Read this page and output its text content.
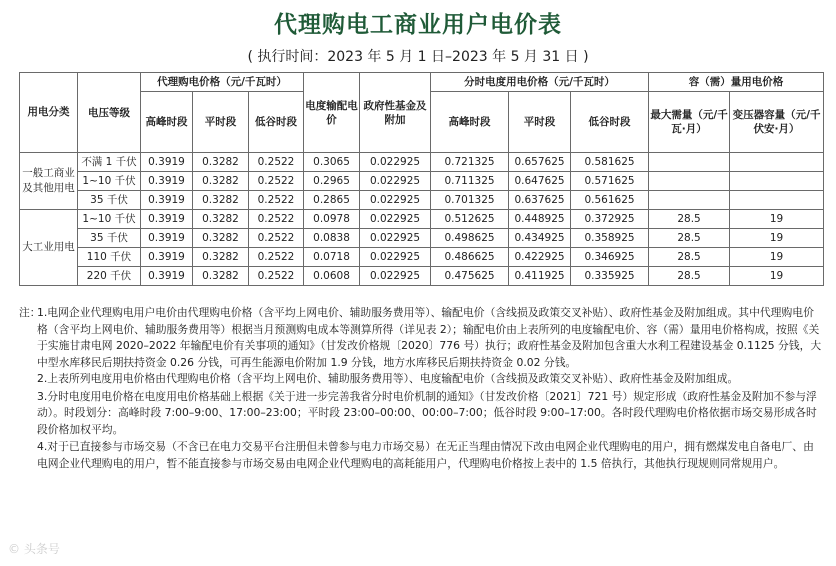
代理购电工商业用户电价表
( 执行时间：2023 年 5 月 1 日–2023 年 5 月 31 日 )
用电分类	电压等级	代理购电价格（元/千瓦时）			电度输配电价	政府性基金及附加	分时电度用电价格（元/千瓦时）			容（需）量用电价格	
		高峰时段	平时段	低谷时段			高峰时段	平时段	低谷时段	最大需量（元/千瓦·月）	变压器容量（元/千伏安·月）
一般工商业及其他用电	不满 1 千伏	0.3919	0.3282	0.2522	0.3065	0.022925	0.721325	0.657625	0.581625		
	1~10 千伏	0.3919	0.3282	0.2522	0.2965	0.022925	0.711325	0.647625	0.571625		
	35 千伏	0.3919	0.3282	0.2522	0.2865	0.022925	0.701325	0.637625	0.561625		
大工业用电	1~10 千伏	0.3919	0.3282	0.2522	0.0978	0.022925	0.512625	0.448925	0.372925	28.5	19
	35 千伏	0.3919	0.3282	0.2522	0.0838	0.022925	0.498625	0.434925	0.358925	28.5	19
	110 千伏	0.3919	0.3282	0.2522	0.0718	0.022925	0.486625	0.422925	0.346925	28.5	19
	220 千伏	0.3919	0.3282	0.2522	0.0608	0.022925	0.475625	0.411925	0.335925	28.5	19
注：
1.电网企业代理购电用户电价由代理购电价格（含平均上网电价、辅助服务费用等）、输配电价（含线损及政策交叉补贴）、政府性基金及附加组成。其中代理购电价格（含平均上网电价、辅助服务费用等）根据当月预测购电成本等测算所得（详见表 2）；输配电价由上表所列的电度输配电价、容（需）量用电价格构成，按照《关于实施甘肃电网 2020–2022 年输配电价有关事项的通知》（甘发改价格规〔2020〕776 号）执行；政府性基金及附加包含重大水利工程建设基金 0.1125 分钱，大中型水库移民后期扶持资金 0.26 分钱，可再生能源电价附加 1.9 分钱，地方水库移民后期扶持资金 0.02 分钱。

2.上表所列电度用电价格由代理购电价格（含平均上网电价、辅助服务费用等）、电度输配电价（含线损及政策交叉补贴）、政府性基金及附加组成。

3.分时电度用电价格在电度用电价格基础上根据《关于进一步完善我省分时电价机制的通知》（甘发改价格〔2021〕721 号）规定形成（政府性基金及附加不参与浮动）。时段划分：高峰时段 7:00–9:00、17:00–23:00；平时段 23:00–00:00、00:00–7:00；低谷时段 9:00–17:00。各时段代理购电价格依据市场交易形成各时段价格加权平均。

4.对于已直接参与市场交易（不含已在电力交易平台注册但未曾参与电力市场交易）在无正当理由情况下改由电网企业代理购电的用户，拥有燃煤发电自备电厂、由电网企业代理购电的用户，暂不能直接参与市场交易由电网企业代理购电的高耗能用户，代理购电价格按上表中的 1.5 倍执行，其他执行现规则同常规用户。

© 头条号
